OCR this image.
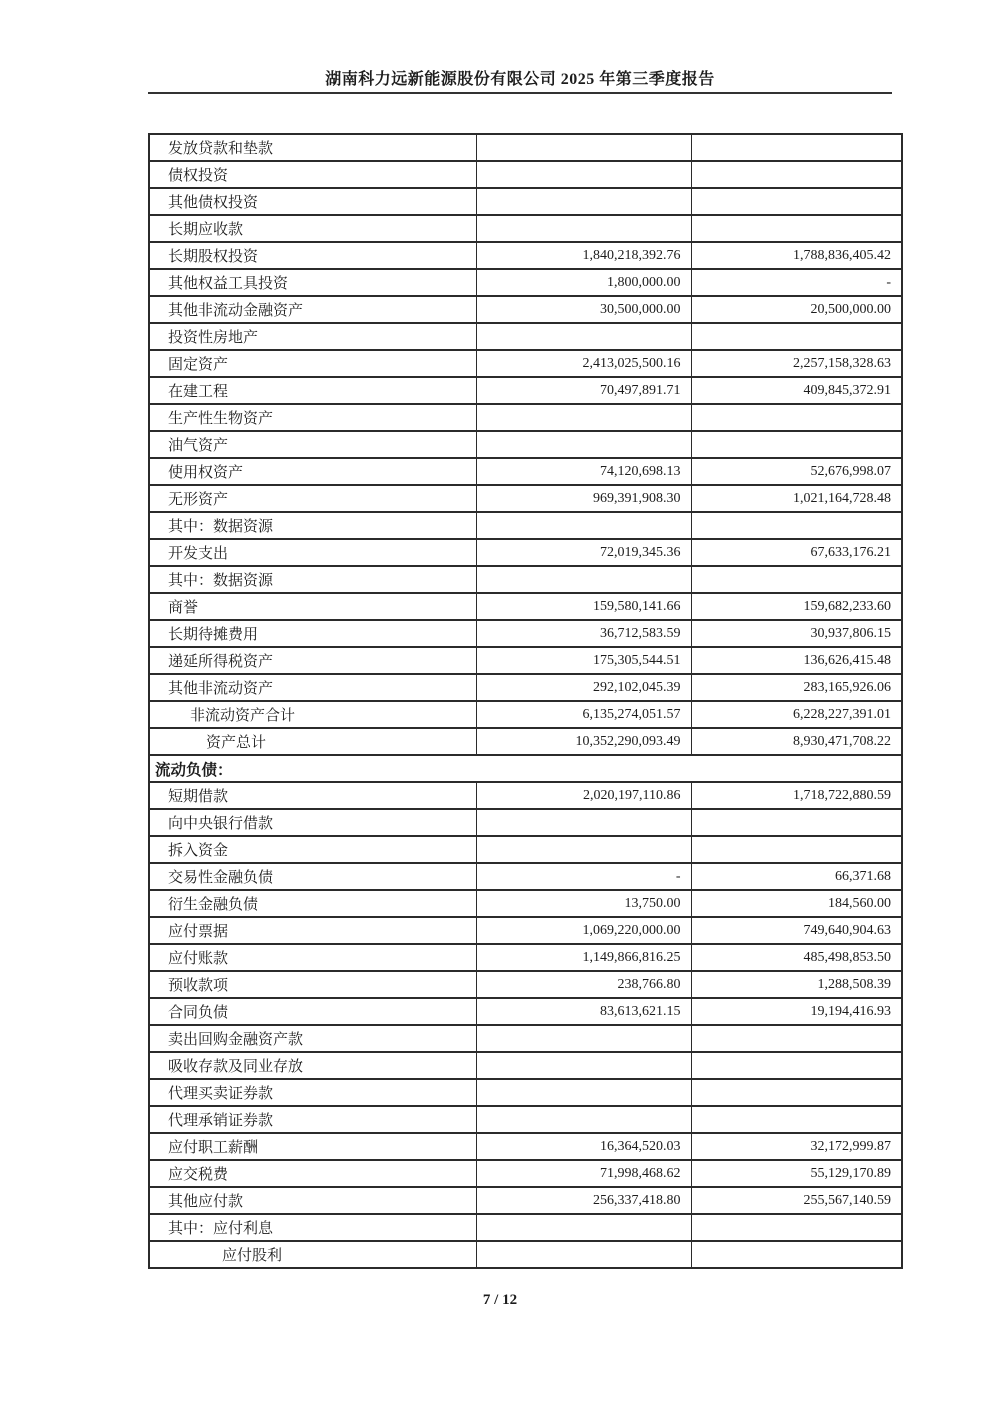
湖南科力远新能源股份有限公司 2025 年第三季度报告
发放贷款和垫款		
债权投资		
其他债权投资		
长期应收款		
长期股权投资	1,840,218,392.76	1,788,836,405.42
其他权益工具投资	1,800,000.00	-
其他非流动金融资产	30,500,000.00	20,500,000.00
投资性房地产		
固定资产	2,413,025,500.16	2,257,158,328.63
在建工程	70,497,891.71	409,845,372.91
生产性生物资产		
油气资产		
使用权资产	74,120,698.13	52,676,998.07
无形资产	969,391,908.30	1,021,164,728.48
其中：数据资源		
开发支出	72,019,345.36	67,633,176.21
其中：数据资源		
商誉	159,580,141.66	159,682,233.60
长期待摊费用	36,712,583.59	30,937,806.15
递延所得税资产	175,305,544.51	136,626,415.48
其他非流动资产	292,102,045.39	283,165,926.06
非流动资产合计	6,135,274,051.57	6,228,227,391.01
资产总计	10,352,290,093.49	8,930,471,708.22
流动负债：		
短期借款	2,020,197,110.86	1,718,722,880.59
向中央银行借款		
拆入资金		
交易性金融负债	-	66,371.68
衍生金融负债	13,750.00	184,560.00
应付票据	1,069,220,000.00	749,640,904.63
应付账款	1,149,866,816.25	485,498,853.50
预收款项	238,766.80	1,288,508.39
合同负债	83,613,621.15	19,194,416.93
卖出回购金融资产款		
吸收存款及同业存放		
代理买卖证券款		
代理承销证券款		
应付职工薪酬	16,364,520.03	32,172,999.87
应交税费	71,998,468.62	55,129,170.89
其他应付款	256,337,418.80	255,567,140.59
其中：应付利息		
应付股利		
7 / 12
